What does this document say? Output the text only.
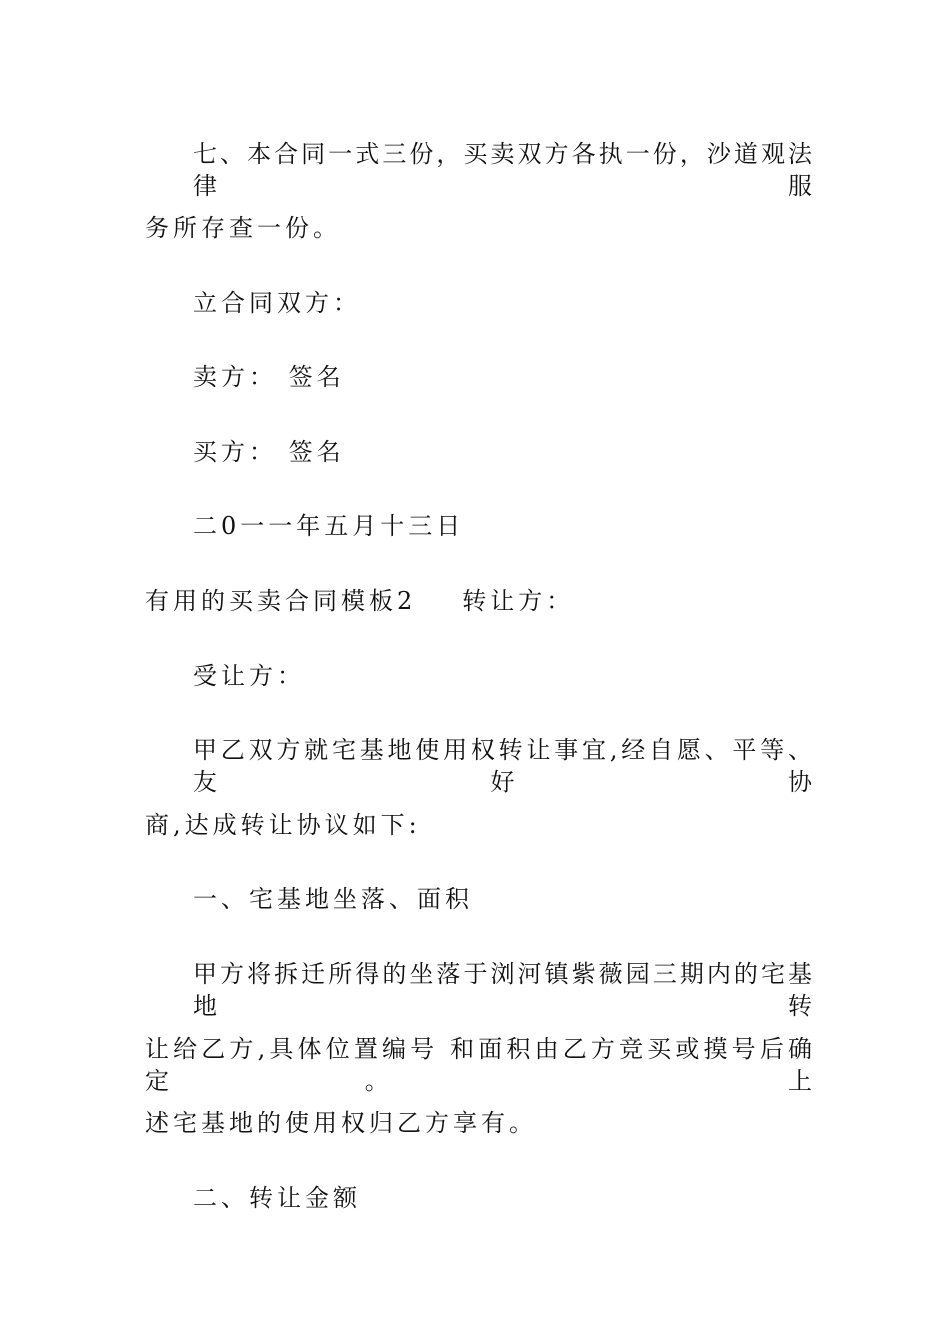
七、本合同一式三份，买卖双方各执一份，沙道观法律服
务所存查一份。
立合同双方：
卖方： 签名
买方： 签名
二0一一年五月十三日
有用的买卖合同模板2 转让方：
受让方：
甲乙双方就宅基地使用权转让事宜,经自愿、平等、友好协
商,达成转让协议如下:
一、宅基地坐落、面积
甲方将拆迁所得的坐落于浏河镇紫薇园三期内的宅基地转
让给乙方,具体位置编号 和面积由乙方竞买或摸号后确定。 上
述宅基地的使用权归乙方享有。
二、转让金额
